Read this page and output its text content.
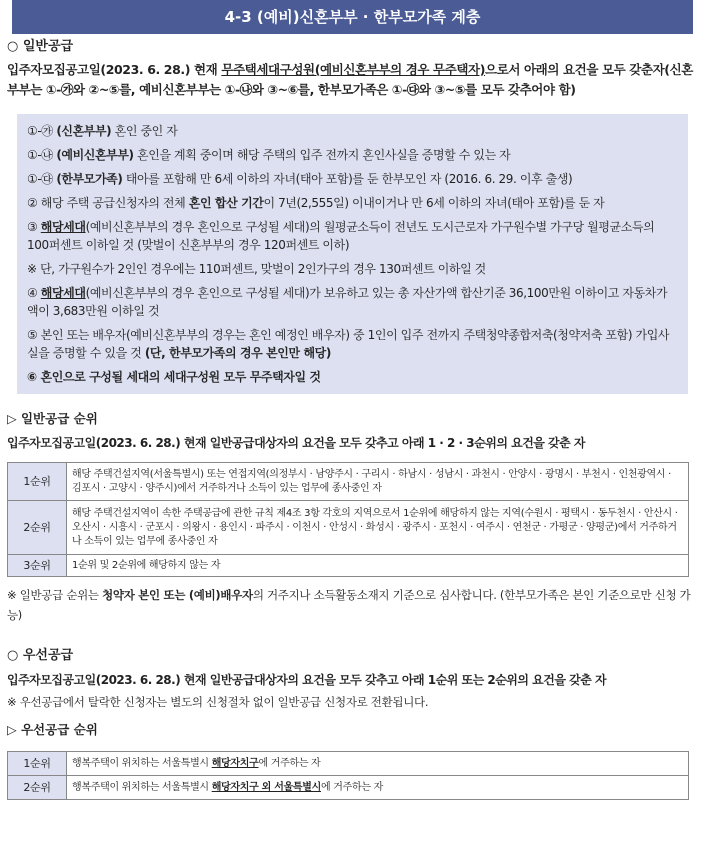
4-3 (예비)신혼부부 · 한부모가족 계층
○ 일반공급

입주자모집공고일(2023. 6. 28.) 현재 무주택세대구성원(예비신혼부부의 경우 무주택자)으로서 아래의 요건을 모두 갖춘자(신혼부부는 ①-㉮와 ②~⑤를, 예비신혼부부는 ①-㉯와 ③~⑥를, 한부모가족은 ①-㉰와 ③~⑤를 모두 갖추어야 함)

①-㉮ (신혼부부) 혼인 중인 자

①-㉯ (예비신혼부부) 혼인을 계획 중이며 해당 주택의 입주 전까지 혼인사실을 증명할 수 있는 자

①-㉰ (한부모가족) 태아를 포함해 만 6세 이하의 자녀(태아 포함)를 둔 한부모인 자 (2016. 6. 29. 이후 출생)

② 해당 주택 공급신청자의 전체 혼인 합산 기간이 7년(2,555일) 이내이거나 만 6세 이하의 자녀(태아 포함)를 둔 자

③ 해당세대(예비신혼부부의 경우 혼인으로 구성될 세대)의 월평균소득이 전년도 도시근로자 가구원수별 가구당 월평균소득의 100퍼센트 이하일 것 (맞벌이 신혼부부의 경우 120퍼센트 이하)

※ 단, 가구원수가 2인인 경우에는 110퍼센트, 맞벌이 2인가구의 경우 130퍼센트 이하일 것

④ 해당세대(예비신혼부부의 경우 혼인으로 구성될 세대)가 보유하고 있는 총 자산가액 합산기준 36,100만원 이하이고 자동차가액이 3,683만원 이하일 것

⑤ 본인 또는 배우자(예비신혼부부의 경우는 혼인 예정인 배우자) 중 1인이 입주 전까지 주택청약종합저축(청약저축 포함) 가입사실을 증명할 수 있을 것 (단, 한부모가족의 경우 본인만 해당)

⑥ 혼인으로 구성될 세대의 세대구성원 모두 무주택자일 것

▷ 일반공급 순위

입주자모집공고일(2023. 6. 28.) 현재 일반공급대상자의 요건을 모두 갖추고 아래 1 · 2 · 3순위의 요건을 갖춘 자

1순위	해당 주택건설지역(서울특별시) 또는 연접지역(의정부시 · 남양주시 · 구리시 · 하남시 · 성남시 · 과천시 · 안양시 · 광명시 · 부천시 · 인천광역시 · 김포시 · 고양시 · 양주시)에서 거주하거나 소득이 있는 업무에 종사중인 자
2순위	해당 주택건설지역이 속한 주택공급에 관한 규칙 제4조 3항 각호의 지역으로서 1순위에 해당하지 않는 지역(수원시 · 평택시 · 동두천시 · 안산시 · 오산시 · 시흥시 · 군포시 · 의왕시 · 용인시 · 파주시 · 이천시 · 안성시 · 화성시 · 광주시 · 포천시 · 여주시 · 연천군 · 가평군 · 양평군)에서 거주하거나 소득이 있는 업무에 종사중인 자
3순위	1순위 및 2순위에 해당하지 않는 자

※ 일반공급 순위는 청약자 본인 또는 (예비)배우자의 거주지나 소득활동소재지 기준으로 심사합니다. (한부모가족은 본인 기준으로만 신청 가능)

○ 우선공급

입주자모집공고일(2023. 6. 28.) 현재 일반공급대상자의 요건을 모두 갖추고 아래 1순위 또는 2순위의 요건을 갖춘 자

※ 우선공급에서 탈락한 신청자는 별도의 신청절차 없이 일반공급 신청자로 전환됩니다.

▷ 우선공급 순위
1순위	행복주택이 위치하는 서울특별시 해당자치구에 거주하는 자
2순위	행복주택이 위치하는 서울특별시 해당자치구 외 서울특별시에 거주하는 자
